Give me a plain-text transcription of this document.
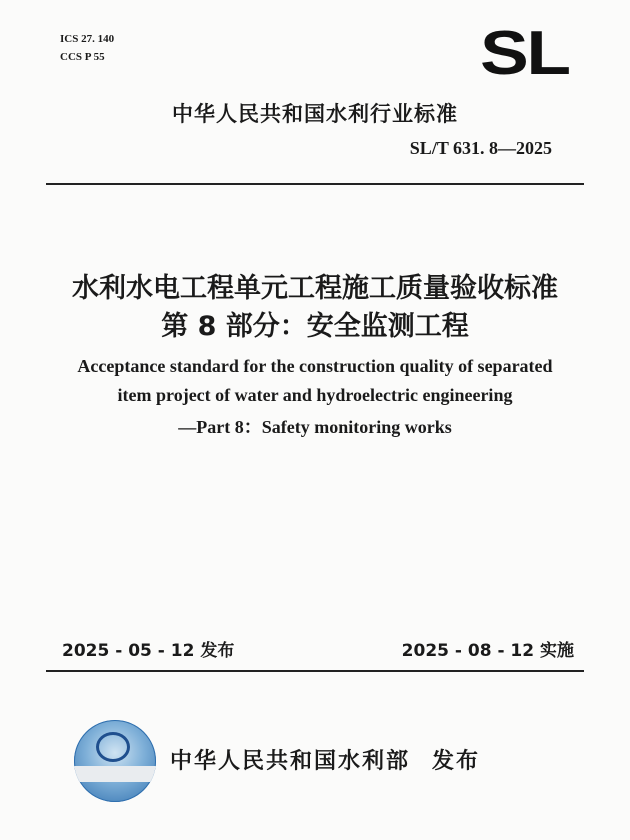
ICS 27. 140
CCS P 55	SL
中华人民共和国水利行业标准
SL/T 631. 8—2025
水利水电工程单元工程施工质量验收标准
第 8 部分：安全监测工程
Acceptance standard for the construction quality of separated
item project of water and hydroelectric engineering
—Part 8：Safety monitoring works
2025 - 05 - 12 发布	2025 - 08 - 12 实施
中华人民共和国水利部 发布
